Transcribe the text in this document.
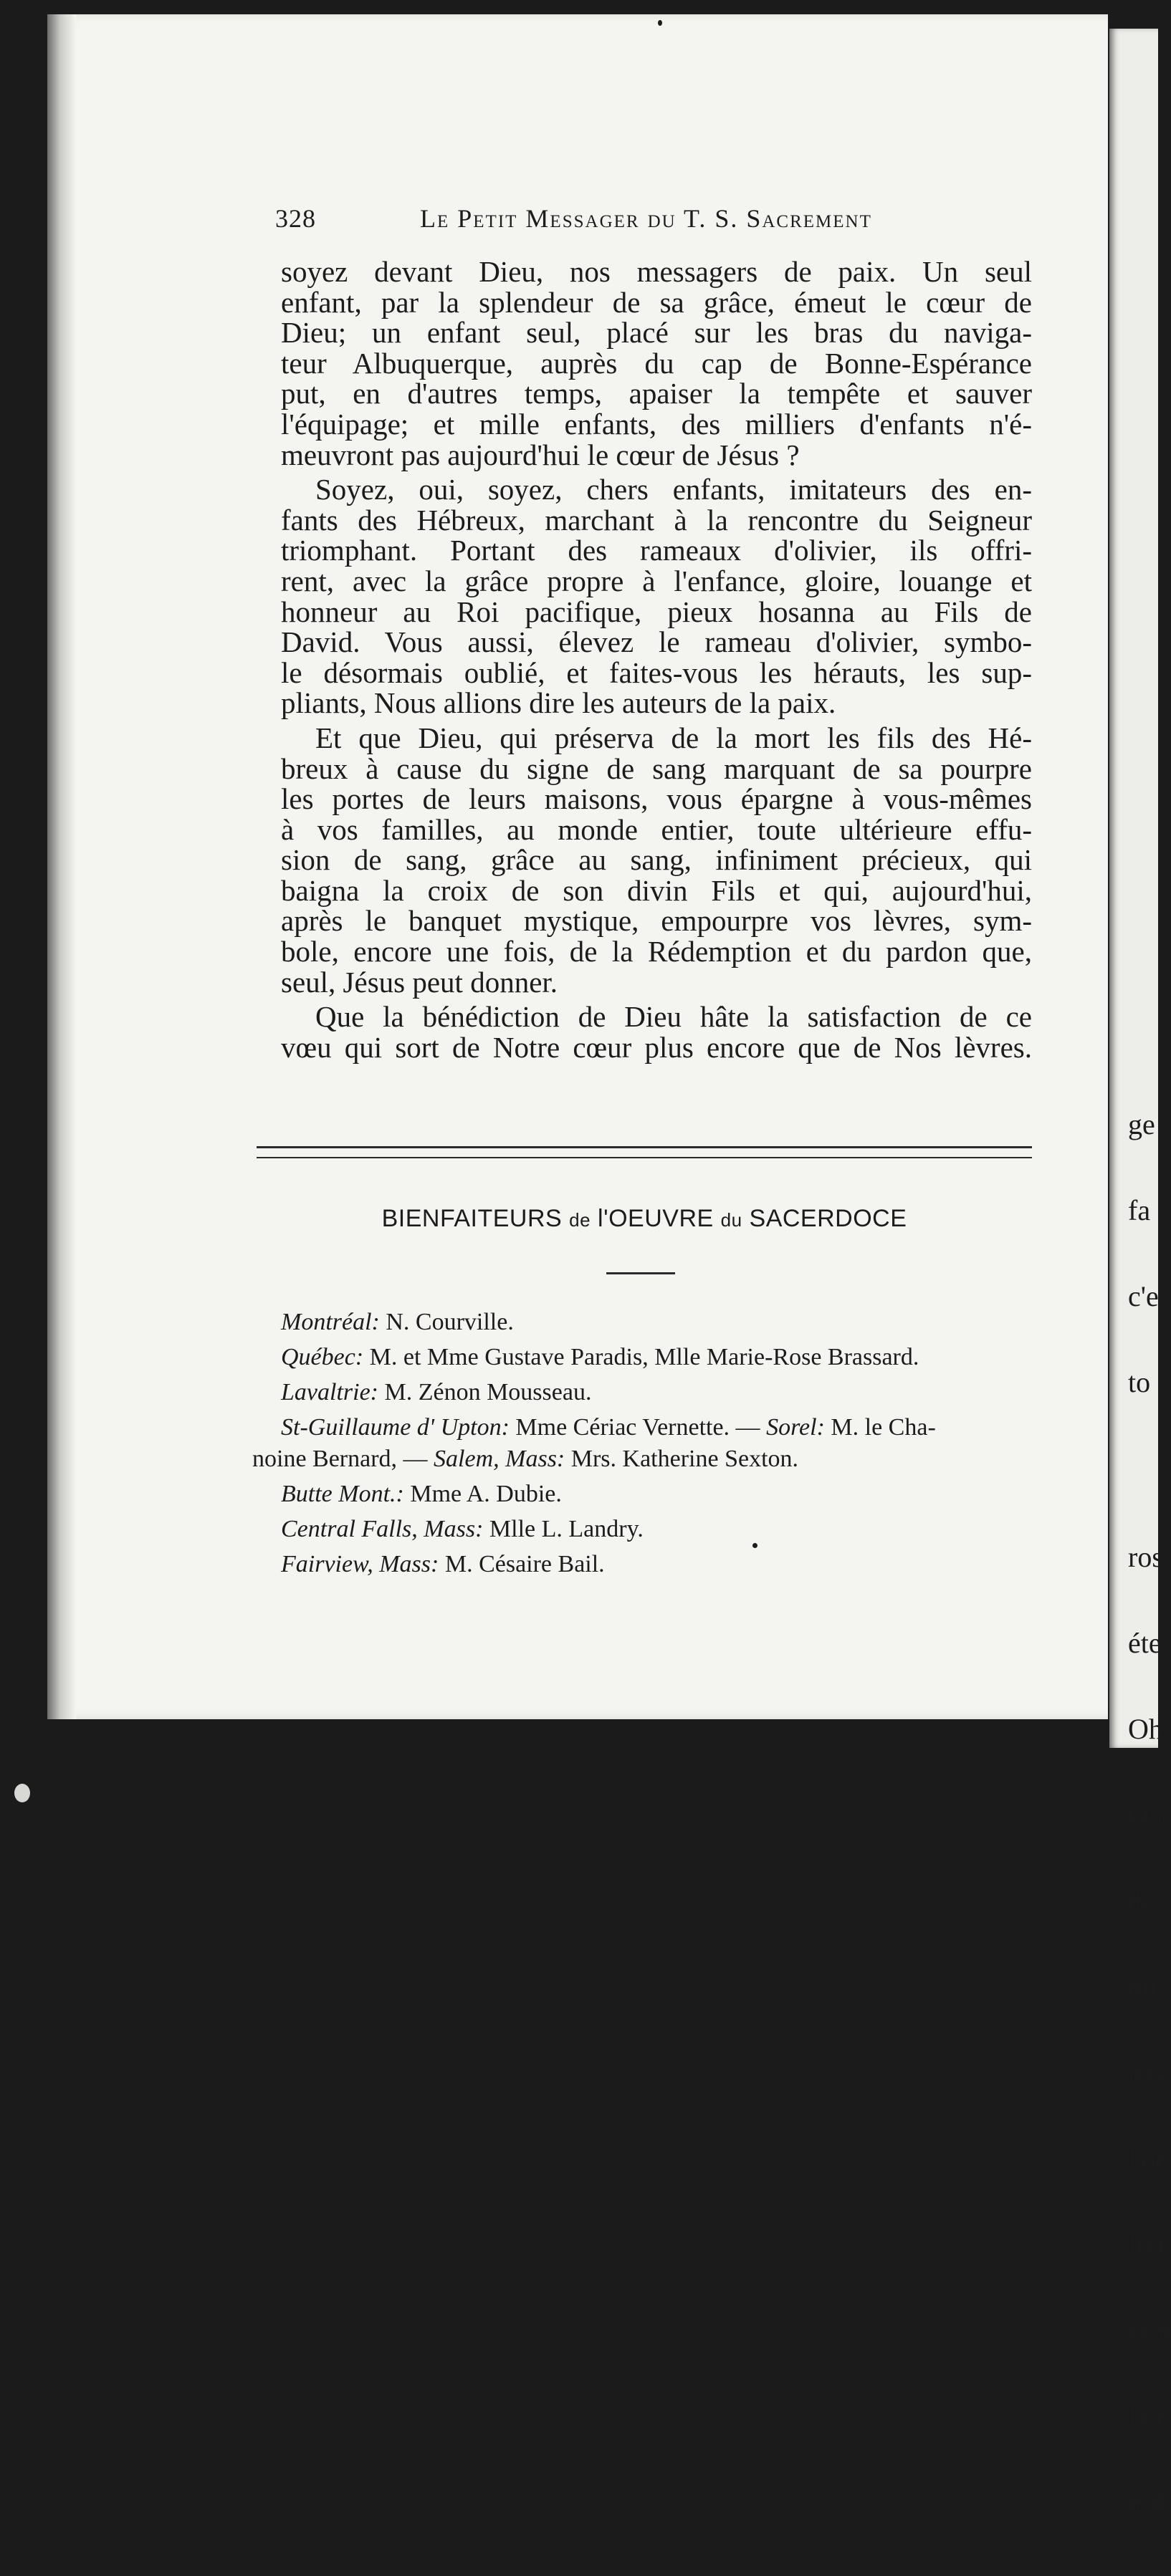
ge

fa

c'e

to

ros

éte

Oh

On

de

où

pas

l'or

livr

cim

la r

mil

328	Le Petit Messager du T. S. Sacrement
soyez devant Dieu, nos messagers de paix. Un seul
enfant, par la splendeur de sa grâce, émeut le cœur de
Dieu; un enfant seul, placé sur les bras du naviga-
teur Albuquerque, auprès du cap de Bonne-Espérance
put, en d'autres temps, apaiser la tempête et sauver
l'équipage; et mille enfants, des milliers d'enfants n'é-
meuvront pas aujourd'hui le cœur de Jésus ?
Soyez, oui, soyez, chers enfants, imitateurs des en-
fants des Hébreux, marchant à la rencontre du Seigneur
triomphant. Portant des rameaux d'olivier, ils offri-
rent, avec la grâce propre à l'enfance, gloire, louange et
honneur au Roi pacifique, pieux hosanna au Fils de
David. Vous aussi, élevez le rameau d'olivier, symbo-
le désormais oublié, et faites-vous les hérauts, les sup-
pliants, Nous allions dire les auteurs de la paix.
Et que Dieu, qui préserva de la mort les fils des Hé-
breux à cause du signe de sang marquant de sa pourpre
les portes de leurs maisons, vous épargne à vous-mêmes
à vos familles, au monde entier, toute ultérieure effu-
sion de sang, grâce au sang, infiniment précieux, qui
baigna la croix de son divin Fils et qui, aujourd'hui,
après le banquet mystique, empourpre vos lèvres, sym-
bole, encore une fois, de la Rédemption et du pardon que,
seul, Jésus peut donner.
Que la bénédiction de Dieu hâte la satisfaction de ce
vœu qui sort de Notre cœur plus encore que de Nos lèvres.
BIENFAITEURS de l'OEUVRE du SACERDOCE
Montréal: N. Courville.
Québec: M. et Mme Gustave Paradis, Mlle Marie-Rose Brassard.
Lavaltrie: M. Zénon Mousseau.
St-Guillaume d' Upton: Mme Cériac Vernette. — Sorel: M. le Cha-
noine Bernard, — Salem, Mass: Mrs. Katherine Sexton.
Butte Mont.: Mme A. Dubie.
Central Falls, Mass: Mlle L. Landry.
Fairview, Mass: M. Césaire Bail.
